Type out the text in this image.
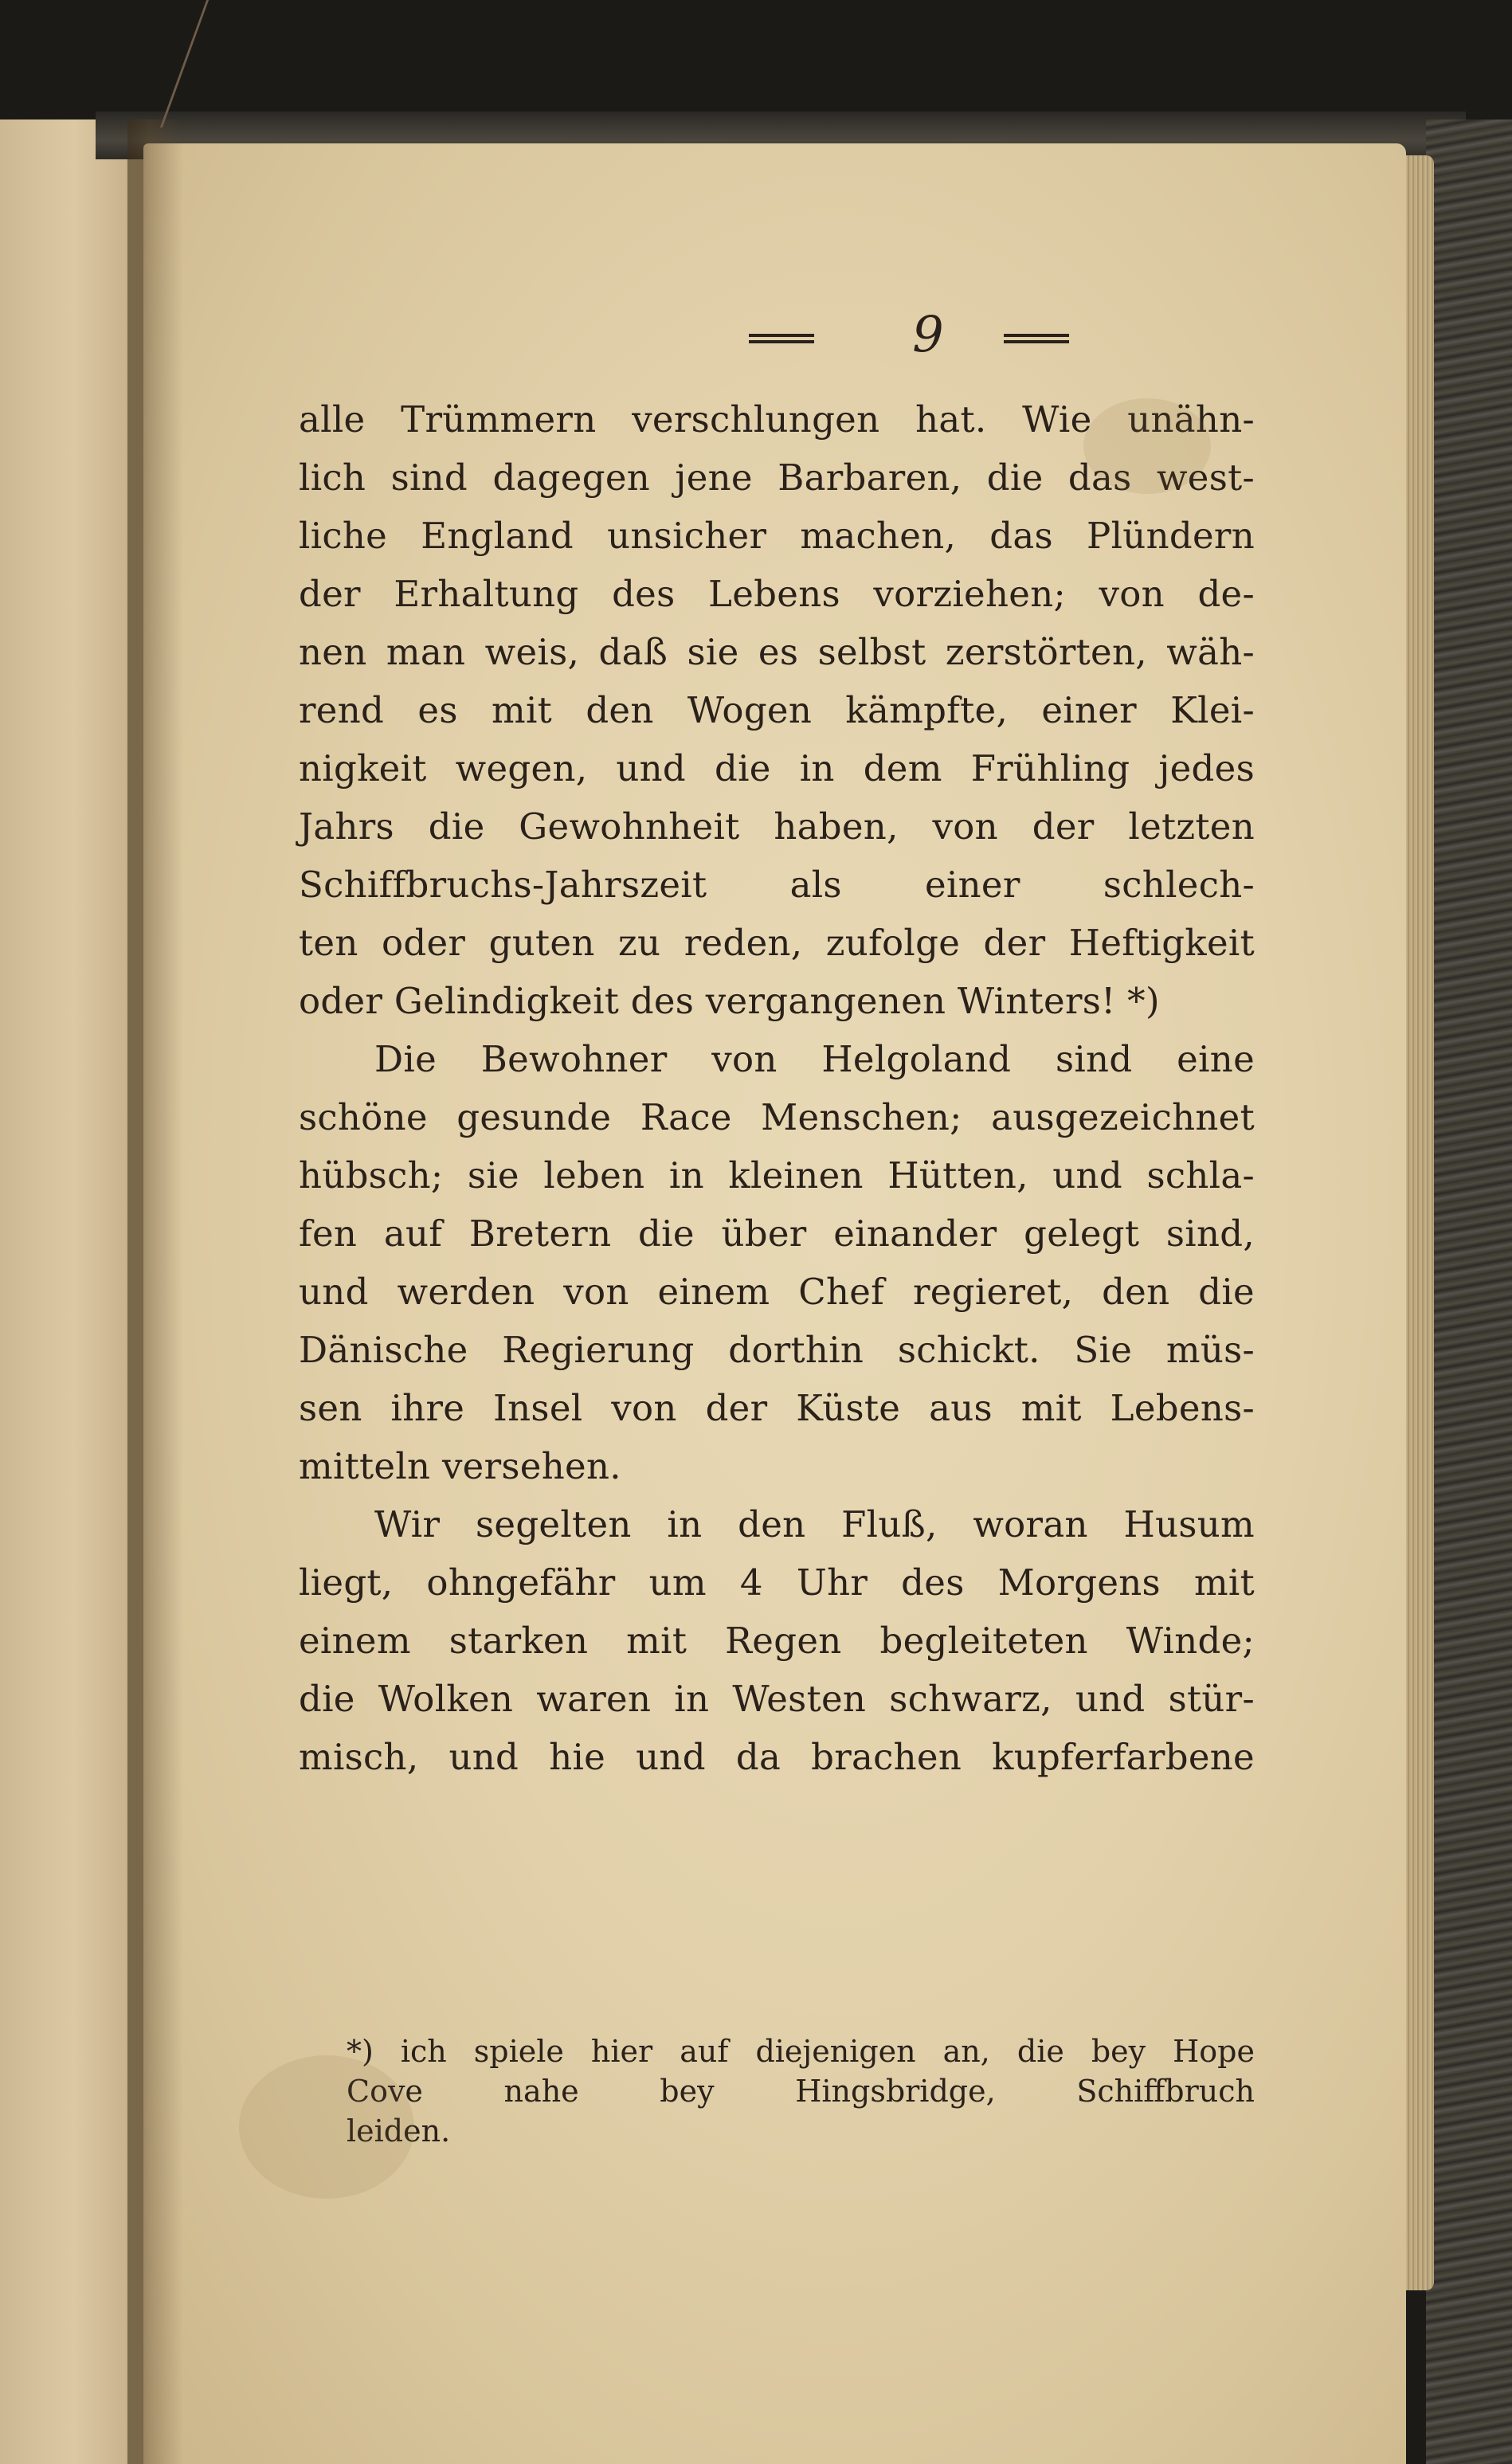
9
alle Trümmern verschlungen hat. Wie unähn-
lich sind dagegen jene Barbaren, die das west-
liche England unsicher machen, das Plündern
der Erhaltung des Lebens vorziehen; von de-
nen man weis, daß sie es selbst zerstörten, wäh-
rend es mit den Wogen kämpfte, einer Klei-
nigkeit wegen, und die in dem Frühling jedes
Jahrs die Gewohnheit haben, von der letzten
Schiffbruchs-Jahrszeit als einer schlech-
ten oder guten zu reden, zufolge der Heftigkeit
oder Gelindigkeit des vergangenen Winters! *)
Die Bewohner von Helgoland sind eine
schöne gesunde Race Menschen; ausgezeichnet
hübsch; sie leben in kleinen Hütten, und schla-
fen auf Bretern die über einander gelegt sind,
und werden von einem Chef regieret, den die
Dänische Regierung dorthin schickt. Sie müs-
sen ihre Insel von der Küste aus mit Lebens-
mitteln versehen.
Wir segelten in den Fluß, woran Husum
liegt, ohngefähr um 4 Uhr des Morgens mit
einem starken mit Regen begleiteten Winde;
die Wolken waren in Westen schwarz, und stür-
misch, und hie und da brachen kupferfarbene
*) ich spiele hier auf diejenigen an, die bey Hope
Cove nahe bey Hingsbridge, Schiffbruch
leiden.
